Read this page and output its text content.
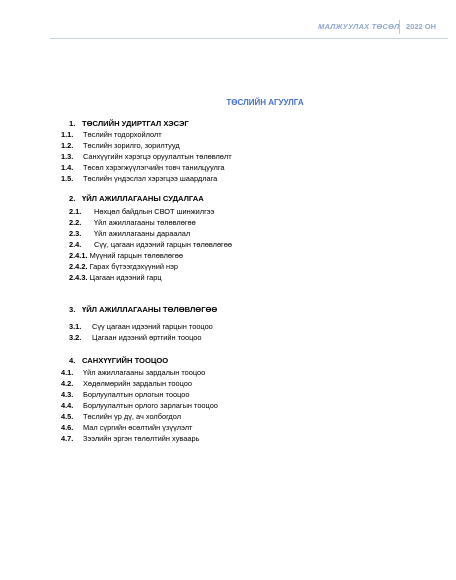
МАЛЖУУЛАХ ТӨСӨЛ 2022 ОН
ТӨСЛИЙН АГУУЛГА
1. ТӨСЛИЙН УДИРТГАЛ ХЭСЭГ
1.1. Төслийн тодорхойлолт
1.2. Төслийн зорилго, зорилтууд
1.3. Санхүүгийн хэрэгцэ оруулалтын төлөвлөлт
1.4. Төсөл хэрэгжүүлэгчийн товч танилцуулга
1.5. Төслийн үндэслэл хэрэгцээ шаардлага
2. ҮЙЛ АЖИЛЛАГААНЫ СУДАЛГАА
2.1. Нөхцөл байдлын СВОТ шинжилгээ
2.2. Үйл ажиллагааны төлөвлөгөө
2.3. Үйл ажиллагааны дараалал
2.4. Сүү, цагаан идээний гарцын төлөвлөгөө
2.4.1. Мүүний гарцын төлөвлөгөө
2.4.2. Гарах бүтээгдэхүүний нэр
2.4.3. Цагаан идээний гарц
3. ҮЙЛ АЖИЛЛАГААНЫ ТӨЛӨВЛӨГӨӨ
3.1. Сүү цагаан идээний гарцын тооцоо
3.2. Цагаан идээний өртгийн тооцоо
4. САНХҮҮГИЙН ТООЦОО
4.1. Үйл ажиллагааны зардалын тооцоо
4.2. Хөдөлмөрийн зардалын тооцоо
4.3. Борлуулалтын орлогын тооцоо
4.4. Борлуулалтын орлого зарлагын тооцоо
4.5. Төслийн үр дү, ач холбогдол
4.6. Мал сүргийн өсөлтийн үзүүлэлт
4.7. Зээлийн эргэн төлөлтийн хуваарь
